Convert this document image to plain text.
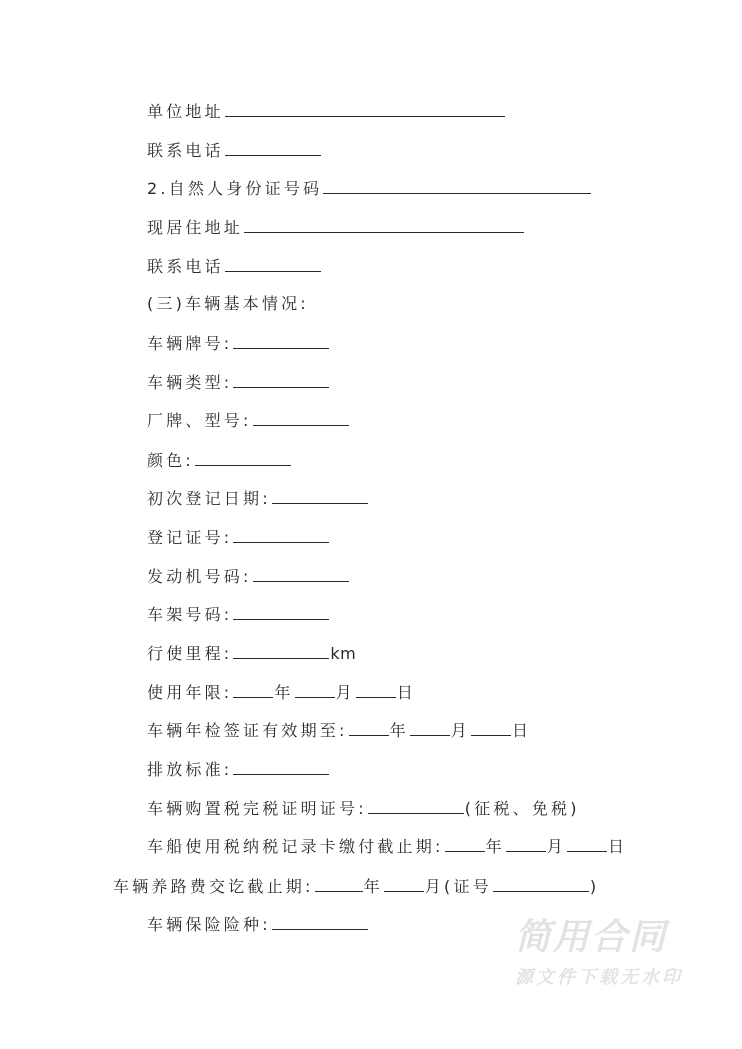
单位地址
联系电话
2.自然人身份证号码
现居住地址
联系电话
(三)车辆基本情况:
车辆牌号:
车辆类型:
厂牌、型号:
颜色:
初次登记日期:
登记证号:
发动机号码:
车架号码:
行使里程:	km
使用年限:	年	月	日
车辆年检签证有效期至:	年	月	日
排放标准:
车辆购置税完税证明证号:	(征税、免税)
车船使用税纳税记录卡缴付截止期:	年	月	日
车辆养路费交讫截止期:	年	月(证号	)
车辆保险险种:	简用合同
源文件下载无水印
